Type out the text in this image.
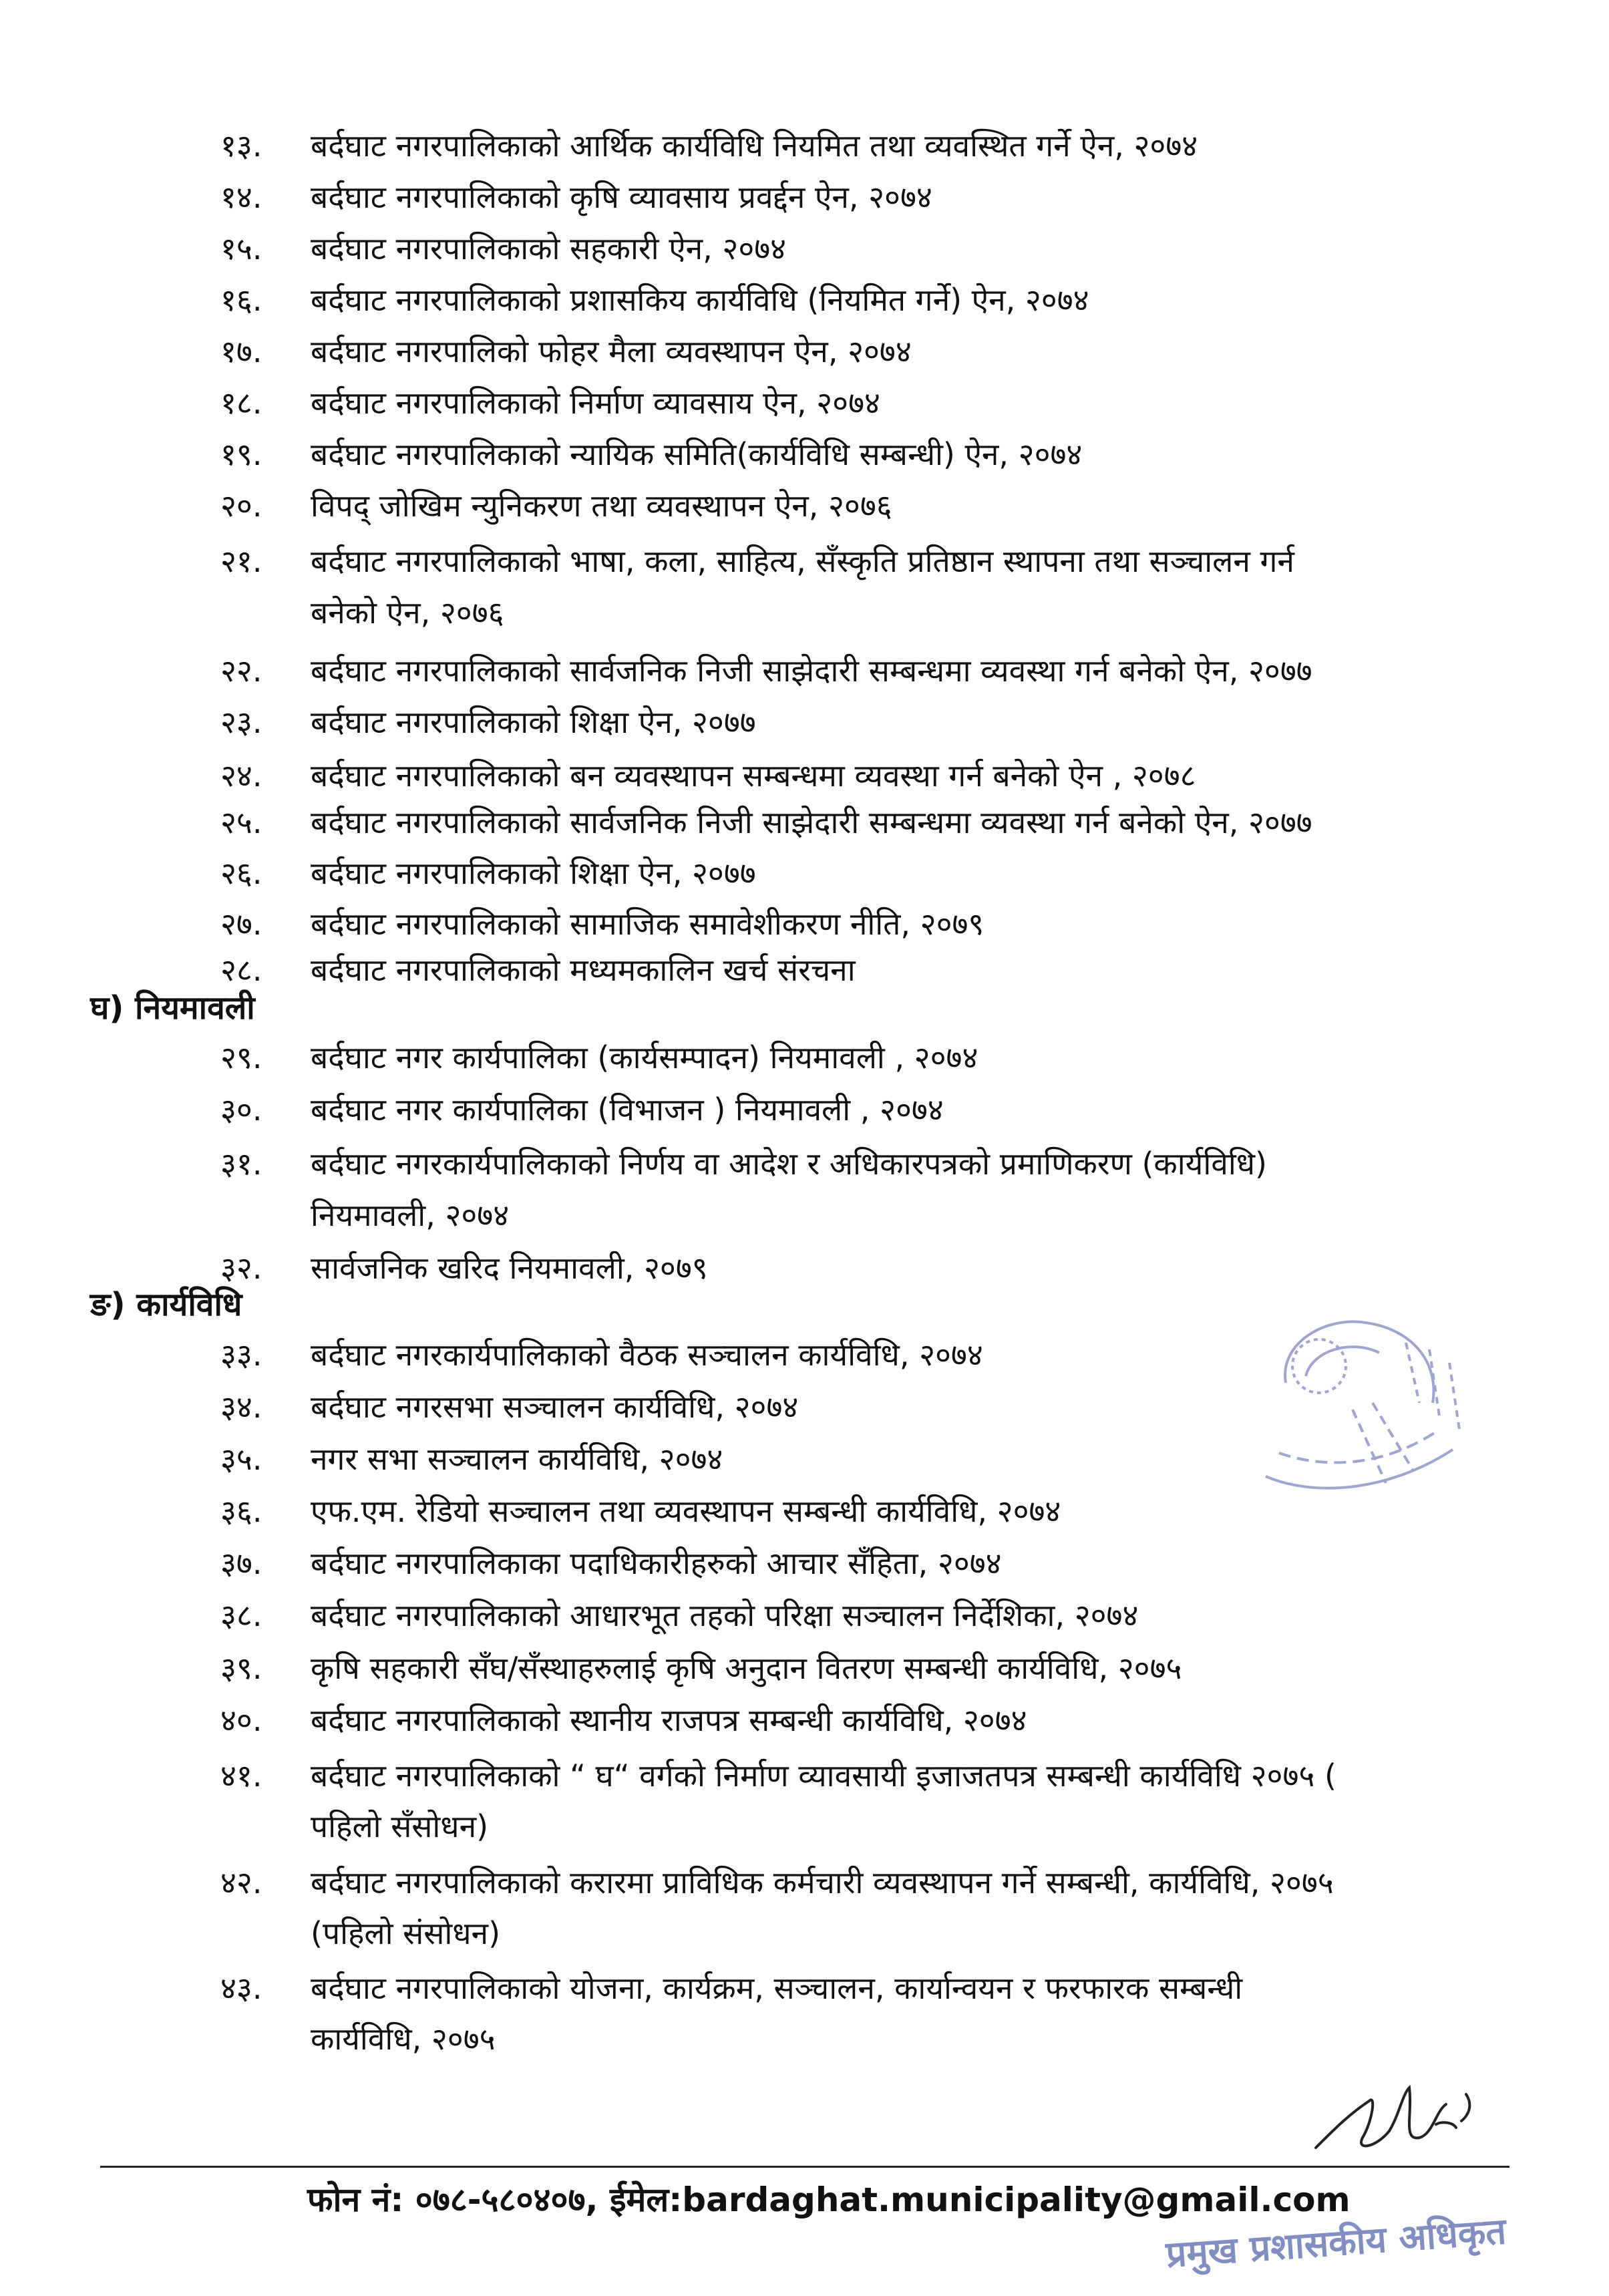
१३.	बर्दघाट नगरपालिकाको आर्थिक कार्यविधि नियमित तथा व्यवस्थित गर्ने ऐन, २०७४
१४.	बर्दघाट नगरपालिकाको कृषि व्यावसाय प्रवर्द्दन ऐन, २०७४
१५.	बर्दघाट नगरपालिकाको सहकारी ऐन, २०७४
१६.	बर्दघाट नगरपालिकाको प्रशासकिय कार्यविधि (नियमित गर्ने) ऐन, २०७४
१७.	बर्दघाट नगरपालिको फोहर मैला व्यवस्थापन ऐन, २०७४
१८.	बर्दघाट नगरपालिकाको निर्माण व्यावसाय ऐन, २०७४
१९.	बर्दघाट नगरपालिकाको न्यायिक समिति(कार्यविधि सम्बन्धी) ऐन, २०७४
२०.	विपद् जोखिम न्युनिकरण तथा व्यवस्थापन ऐन, २०७६
२१.	बर्दघाट नगरपालिकाको भाषा, कला, साहित्य, सँस्कृति प्रतिष्ठान स्थापना तथा सञ्चालन गर्न
बनेको ऐन, २०७६
२२.	बर्दघाट नगरपालिकाको सार्वजनिक निजी साझेदारी सम्बन्धमा व्यवस्था गर्न बनेको ऐन, २०७७
२३.	बर्दघाट नगरपालिकाको शिक्षा ऐन, २०७७
२४.	बर्दघाट नगरपालिकाको बन व्यवस्थापन सम्बन्धमा व्यवस्था गर्न बनेको ऐन , २०७८
२५.	बर्दघाट नगरपालिकाको सार्वजनिक निजी साझेदारी सम्बन्धमा व्यवस्था गर्न बनेको ऐन, २०७७
२६.	बर्दघाट नगरपालिकाको शिक्षा ऐन, २०७७
२७.	बर्दघाट नगरपालिकाको सामाजिक समावेशीकरण नीति, २०७९
२८.	बर्दघाट नगरपालिकाको मध्यमकालिन खर्च संरचना
घ) नियमावली
२९.	बर्दघाट नगर कार्यपालिका (कार्यसम्पादन) नियमावली , २०७४
३०.	बर्दघाट नगर कार्यपालिका (विभाजन ) नियमावली , २०७४
३१.	बर्दघाट नगरकार्यपालिकाको निर्णय वा आदेश र अधिकारपत्रको प्रमाणिकरण (कार्यविधि)
नियमावली, २०७४
३२.	सार्वजनिक खरिद नियमावली, २०७९
ङ) कार्यविधि
३३.	बर्दघाट नगरकार्यपालिकाको वैठक सञ्चालन कार्यविधि, २०७४
३४.	बर्दघाट नगरसभा सञ्चालन कार्यविधि, २०७४
३५.	नगर सभा सञ्चालन कार्यविधि, २०७४
३६.	एफ.एम. रेडियो सञ्चालन तथा व्यवस्थापन सम्बन्धी कार्यविधि, २०७४
३७.	बर्दघाट नगरपालिकाका पदाधिकारीहरुको आचार सँहिता, २०७४
३८.	बर्दघाट नगरपालिकाको आधारभूत तहको परिक्षा सञ्चालन निर्देशिका, २०७४
३९.	कृषि सहकारी सँघ/सँस्थाहरुलाई कृषि अनुदान वितरण सम्बन्धी कार्यविधि, २०७५
४०.	बर्दघाट नगरपालिकाको स्थानीय राजपत्र सम्बन्धी कार्यविधि, २०७४
४१.	बर्दघाट नगरपालिकाको “ घ“ वर्गको निर्माण व्यावसायी इजाजतपत्र सम्बन्धी कार्यविधि २०७५ (
पहिलो सँसोधन)
४२.	बर्दघाट नगरपालिकाको करारमा प्राविधिक कर्मचारी व्यवस्थापन गर्ने सम्बन्धी, कार्यविधि, २०७५
(पहिलो संसोधन)
४३.	बर्दघाट नगरपालिकाको योजना, कार्यक्रम, सञ्चालन, कार्यान्वयन र फरफारक सम्बन्धी
कार्यविधि, २०७५
फोन नं: ०७८-५८०४०७, ईमेल:bardaghat.municipality@gmail.com
प्रमुख प्रशासकीय अधिकृत
